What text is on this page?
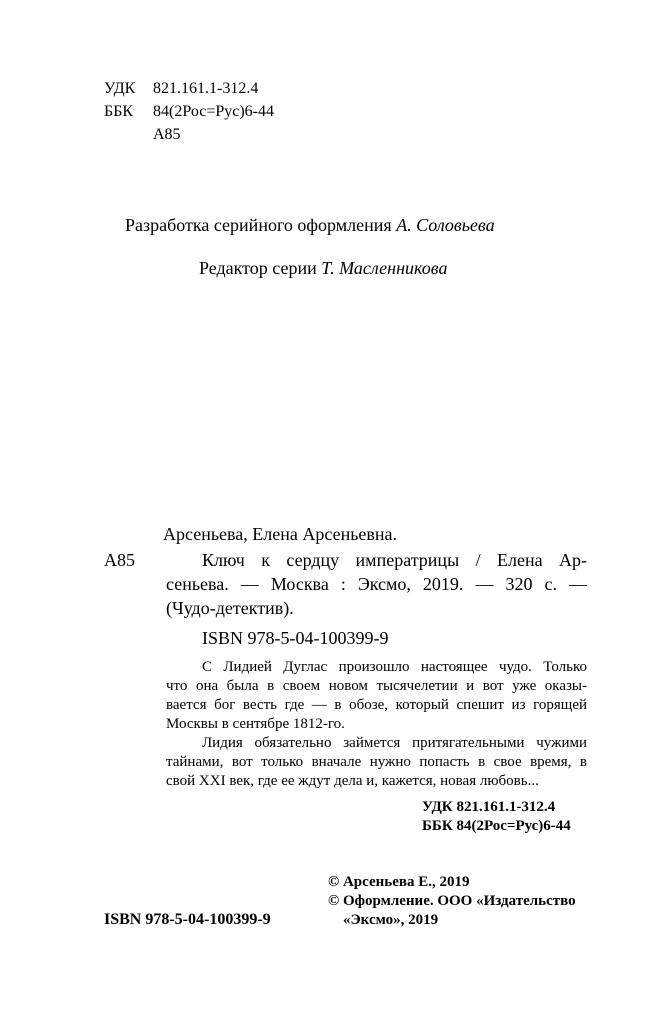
УДК 821.161.1-312.4
ББК 84(2Рос=Рус)6-44
А85
Разработка серийного оформления А. Соловьева
Редактор серии Т. Масленникова
Арсеньева, Елена Арсеньевна.
А85	Ключ к сердцу императрицы / Елена Ар-
сеньева. — Москва : Эксмо, 2019. — 320 с. —
(Чудо-детектив).
ISBN 978-5-04-100399-9
С Лидией Дуглас произошло настоящее чудо. Только
что она была в своем новом тысячелетии и вот уже оказы-
вается бог весть где — в обозе, который спешит из горящей
Москвы в сентябре 1812-го.
Лидия обязательно займется притягательными чужими
тайнами, вот только вначале нужно попасть в свое время, в
свой XXI век, где ее ждут дела и, кажется, новая любовь...
УДК 821.161.1-312.4
ББК 84(2Рос=Рус)6-44
© Арсеньева Е., 2019
© Оформление. ООО «Издательство
«Эксмо», 2019
ISBN 978-5-04-100399-9
